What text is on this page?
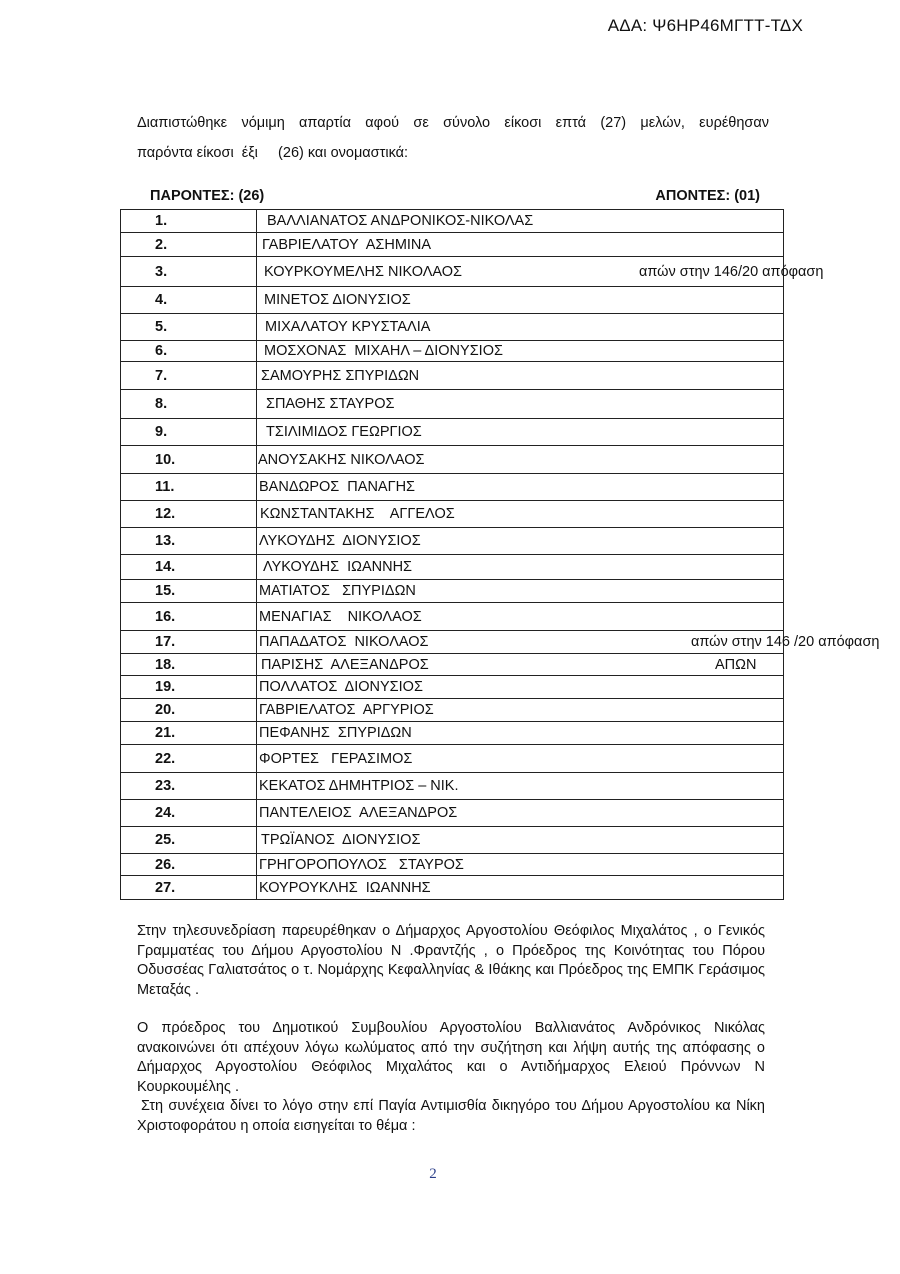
ΑΔΑ: Ψ6ΗΡ46ΜΓΤΤ-ΤΔΧ
Διαπιστώθηκε νόμιμη απαρτία αφού σε σύνολο είκοσι επτά (27) μελών, ευρέθησαν
παρόντα είκοσι  έξι     (26) και ονομαστικά:
ΠΑΡΟΝΤΕΣ: (26)	ΑΠΟΝΤΕΣ: (01)
1.	ΒΑΛΛΙΑΝΑΤΟΣ ΑΝΔΡΟΝΙΚΟΣ-ΝΙΚΟΛΑΣ
2.	ΓΑΒΡΙΕΛΑΤΟΥ  ΑΣΗΜΙΝΑ
3.	ΚΟΥΡΚΟΥΜΕΛΗΣ ΝΙΚΟΛΑΟΣ απών στην 146/20 απόφαση

4.	ΜΙΝΕΤΟΣ ΔΙΟΝΥΣΙΟΣ
5.	ΜΙΧΑΛΑΤΟΥ ΚΡΥΣΤΑΛΙΑ
6.	ΜΟΣΧΟΝΑΣ  ΜΙΧΑΗΛ – ΔΙΟΝΥΣΙΟΣ
7.	ΣΑΜΟΥΡΗΣ ΣΠΥΡΙΔΩΝ
8.	ΣΠΑΘΗΣ ΣΤΑΥΡΟΣ
9.	ΤΣΙΛΙΜΙΔΟΣ ΓΕΩΡΓΙΟΣ
10.	ΑΝΟΥΣΑΚΗΣ ΝΙΚΟΛΑΟΣ
11.	ΒΑΝΔΩΡΟΣ  ΠΑΝΑΓΗΣ
12.	ΚΩΝΣΤΑΝΤΑΚΗΣ    ΑΓΓΕΛΟΣ
13.	ΛΥΚΟΥΔΗΣ  ΔΙΟΝΥΣΙΟΣ
14.	ΛΥΚΟΥΔΗΣ  ΙΩΑΝΝΗΣ
15.	ΜΑΤΙΑΤΟΣ   ΣΠΥΡΙΔΩΝ
16.	ΜΕΝΑΓΙΑΣ    ΝΙΚΟΛΑΟΣ
17.	ΠΑΠΑΔΑΤΟΣ  ΝΙΚΟΛΑΟΣ απών στην 146 /20 απόφαση

18.	ΠΑΡΙΣΗΣ  ΑΛΕΞΑΝΔΡΟΣ ΑΠΩΝ

19.	ΠΟΛΛΑΤΟΣ  ΔΙΟΝΥΣΙΟΣ
20.	ΓΑΒΡΙΕΛΑΤΟΣ  ΑΡΓΥΡΙΟΣ
21.	ΠΕΦΑΝΗΣ  ΣΠΥΡΙΔΩΝ
22.	ΦΟΡΤΕΣ   ΓΕΡΑΣΙΜΟΣ
23.	ΚΕΚΑΤΟΣ ΔΗΜΗΤΡΙΟΣ – ΝΙΚ.
24.	ΠΑΝΤΕΛΕΙΟΣ  ΑΛΕΞΑΝΔΡΟΣ
25.	ΤΡΩΪΑΝΟΣ  ΔΙΟΝΥΣΙΟΣ
26.	ΓΡΗΓΟΡΟΠΟΥΛΟΣ   ΣΤΑΥΡΟΣ
27.	ΚΟΥΡΟΥΚΛΗΣ  ΙΩΑΝΝΗΣ
Στην τηλεσυνεδρίαση παρευρέθηκαν ο Δήμαρχος Αργοστολίου Θεόφιλος Μιχαλάτος , ο Γενικός Γραμματέας του Δήμου Αργοστολίου Ν .Φραντζής , ο Πρόεδρος της Κοινότητας του Πόρου Οδυσσέας Γαλιατσάτος ο τ. Νομάρχης Κεφαλληνίας & Ιθάκης και Πρόεδρος της ΕΜΠΚ Γεράσιμος Μεταξάς .
Ο πρόεδρος του Δημοτικού Συμβουλίου Αργοστολίου Βαλλιανάτος Ανδρόνικος Νικόλας ανακοινώνει ότι απέχουν λόγω κωλύματος από την συζήτηση και λήψη αυτής της απόφασης ο Δήμαρχος Αργοστολίου Θεόφιλος Μιχαλάτος και ο Αντιδήμαρχος Ελειού Πρόννων Ν Κουρκουμέλης .
Στη συνέχεια δίνει το λόγο στην επί Παγία Αντιμισθία δικηγόρο του Δήμου Αργοστολίου κα Νίκη Χριστοφοράτου η οποία εισηγείται το θέμα :
2
